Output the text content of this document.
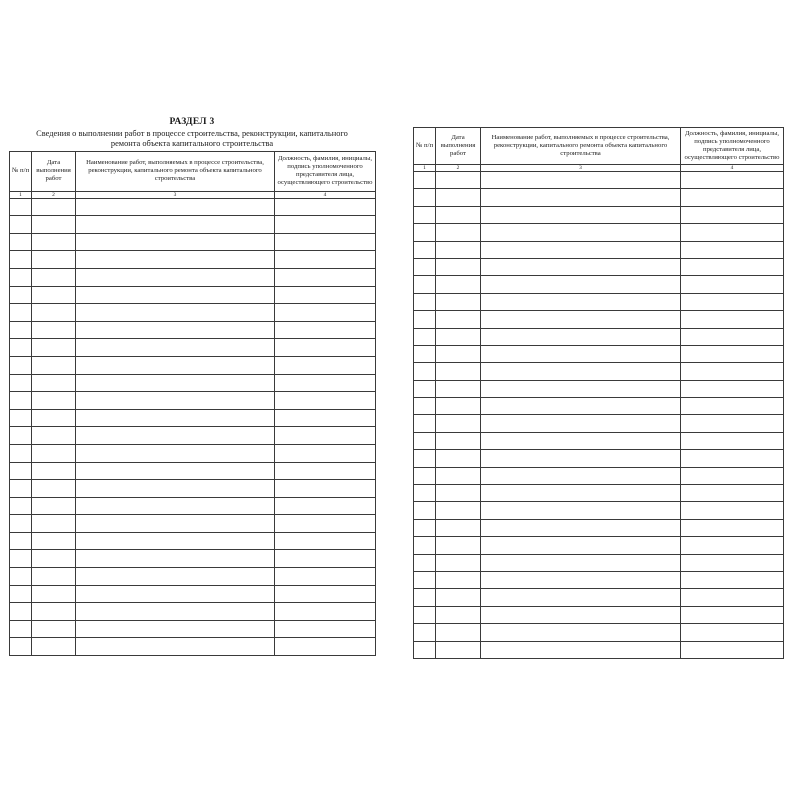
РАЗДЕЛ 3
Сведения о выполнении работ в процессе строительства, реконструкции, капитального ремонта объекта капитального строительства
№ п/п	Дата выполнения работ	Наименование работ, выполняемых в процессе строительства, реконструкции, капитального ремонта объекта капитального строительства	Должность, фамилия, инициалы, подпись уполномоченного представителя лица, осуществляющего строительство
1	2	3	4

№ п/п	Дата выполнения работ	Наименование работ, выполняемых в процессе строительства, реконструкции, капитального ремонта объекта капитального строительства	Должность, фамилия, инициалы, подпись уполномоченного представителя лица, осуществляющего строительство
1	2	3	4
